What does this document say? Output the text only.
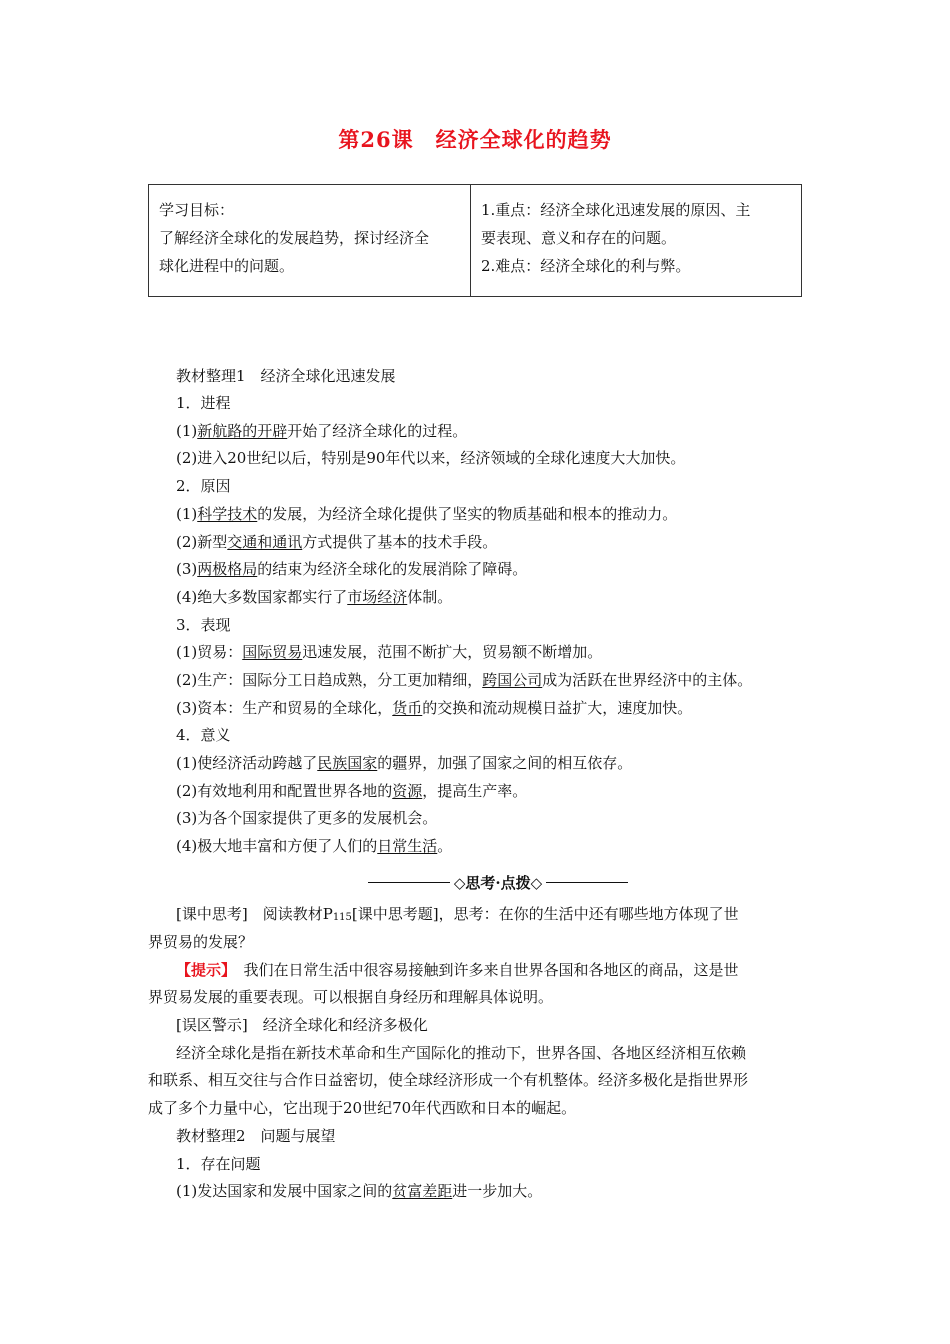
第26课　经济全球化的趋势
学习目标：
了解经济全球化的发展趋势，探讨经济全
球化进程中的问题。
1.重点：经济全球化迅速发展的原因、主
要表现、意义和存在的问题。
2.难点：经济全球化的利与弊。
教材整理1　经济全球化迅速发展
1．进程
(1)新航路的开辟开始了经济全球化的过程。
(2)进入20世纪以后，特别是90年代以来，经济领域的全球化速度大大加快。
2．原因
(1)科学技术的发展，为经济全球化提供了坚实的物质基础和根本的推动力。
(2)新型交通和通讯方式提供了基本的技术手段。
(3)两极格局的结束为经济全球化的发展消除了障碍。
(4)绝大多数国家都实行了市场经济体制。
3．表现
(1)贸易：国际贸易迅速发展，范围不断扩大，贸易额不断增加。
(2)生产：国际分工日趋成熟，分工更加精细，跨国公司成为活跃在世界经济中的主体。
(3)资本：生产和贸易的全球化，货币的交换和流动规模日益扩大，速度加快。
4．意义
(1)使经济活动跨越了民族国家的疆界，加强了国家之间的相互依存。
(2)有效地利用和配置世界各地的资源，提高生产率。
(3)为各个国家提供了更多的发展机会。
(4)极大地丰富和方便了人们的日常生活。
◇思考·点拨◇
[课中思考]　阅读教材P115[课中思考题]，思考：在你的生活中还有哪些地方体现了世
界贸易的发展？
【提示】　我们在日常生活中很容易接触到许多来自世界各国和各地区的商品，这是世
界贸易发展的重要表现。可以根据自身经历和理解具体说明。
[误区警示]　经济全球化和经济多极化
经济全球化是指在新技术革命和生产国际化的推动下，世界各国、各地区经济相互依赖
和联系、相互交往与合作日益密切，使全球经济形成一个有机整体。经济多极化是指世界形
成了多个力量中心，它出现于20世纪70年代西欧和日本的崛起。
教材整理2　问题与展望
1．存在问题
(1)发达国家和发展中国家之间的贫富差距进一步加大。
